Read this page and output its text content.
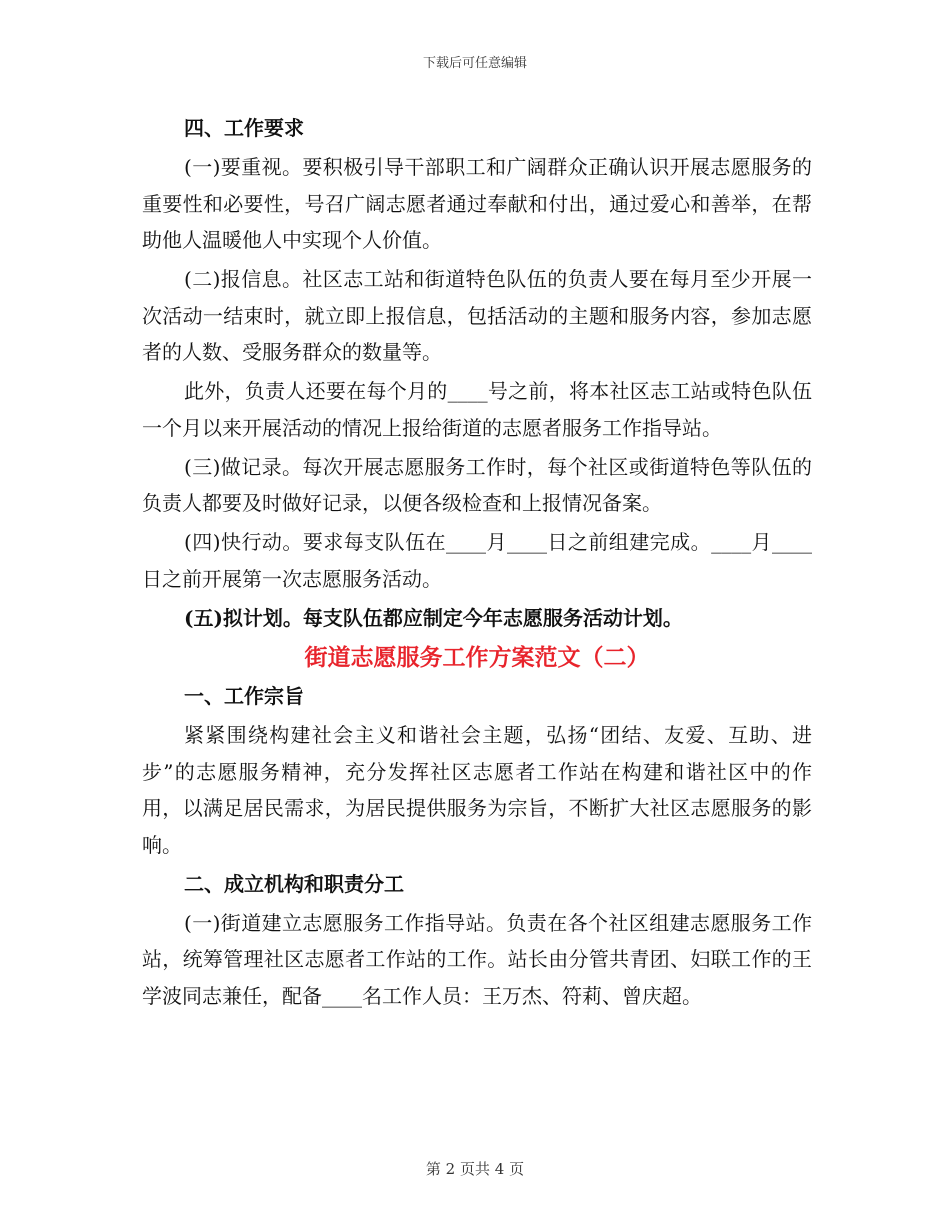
下载后可任意编辑

四、工作要求

(一)要重视。要积极引导干部职工和广阔群众正确认识开展志愿服务的重要性和必要性，号召广阔志愿者通过奉献和付出，通过爱心和善举，在帮助他人温暖他人中实现个人价值。

(二)报信息。社区志工站和街道特色队伍的负责人要在每月至少开展一次活动一结束时，就立即上报信息，包括活动的主题和服务内容，参加志愿者的人数、受服务群众的数量等。

此外，负责人还要在每个月的____号之前，将本社区志工站或特色队伍一个月以来开展活动的情况上报给街道的志愿者服务工作指导站。

(三)做记录。每次开展志愿服务工作时，每个社区或街道特色等队伍的负责人都要及时做好记录，以便各级检查和上报情况备案。

(四)快行动。要求每支队伍在____月____日之前组建完成。____月____日之前开展第一次志愿服务活动。

(五)拟计划。每支队伍都应制定今年志愿服务活动计划。

街道志愿服务工作方案范文（二）

一、工作宗旨

紧紧围绕构建社会主义和谐社会主题，弘扬“团结、友爱、互助、进步”的志愿服务精神，充分发挥社区志愿者工作站在构建和谐社区中的作用，以满足居民需求，为居民提供服务为宗旨，不断扩大社区志愿服务的影响。

二、成立机构和职责分工

(一)街道建立志愿服务工作指导站。负责在各个社区组建志愿服务工作站，统筹管理社区志愿者工作站的工作。站长由分管共青团、妇联工作的王学波同志兼任，配备____名工作人员：王万杰、符莉、曾庆超。

第 2 页共 4 页
